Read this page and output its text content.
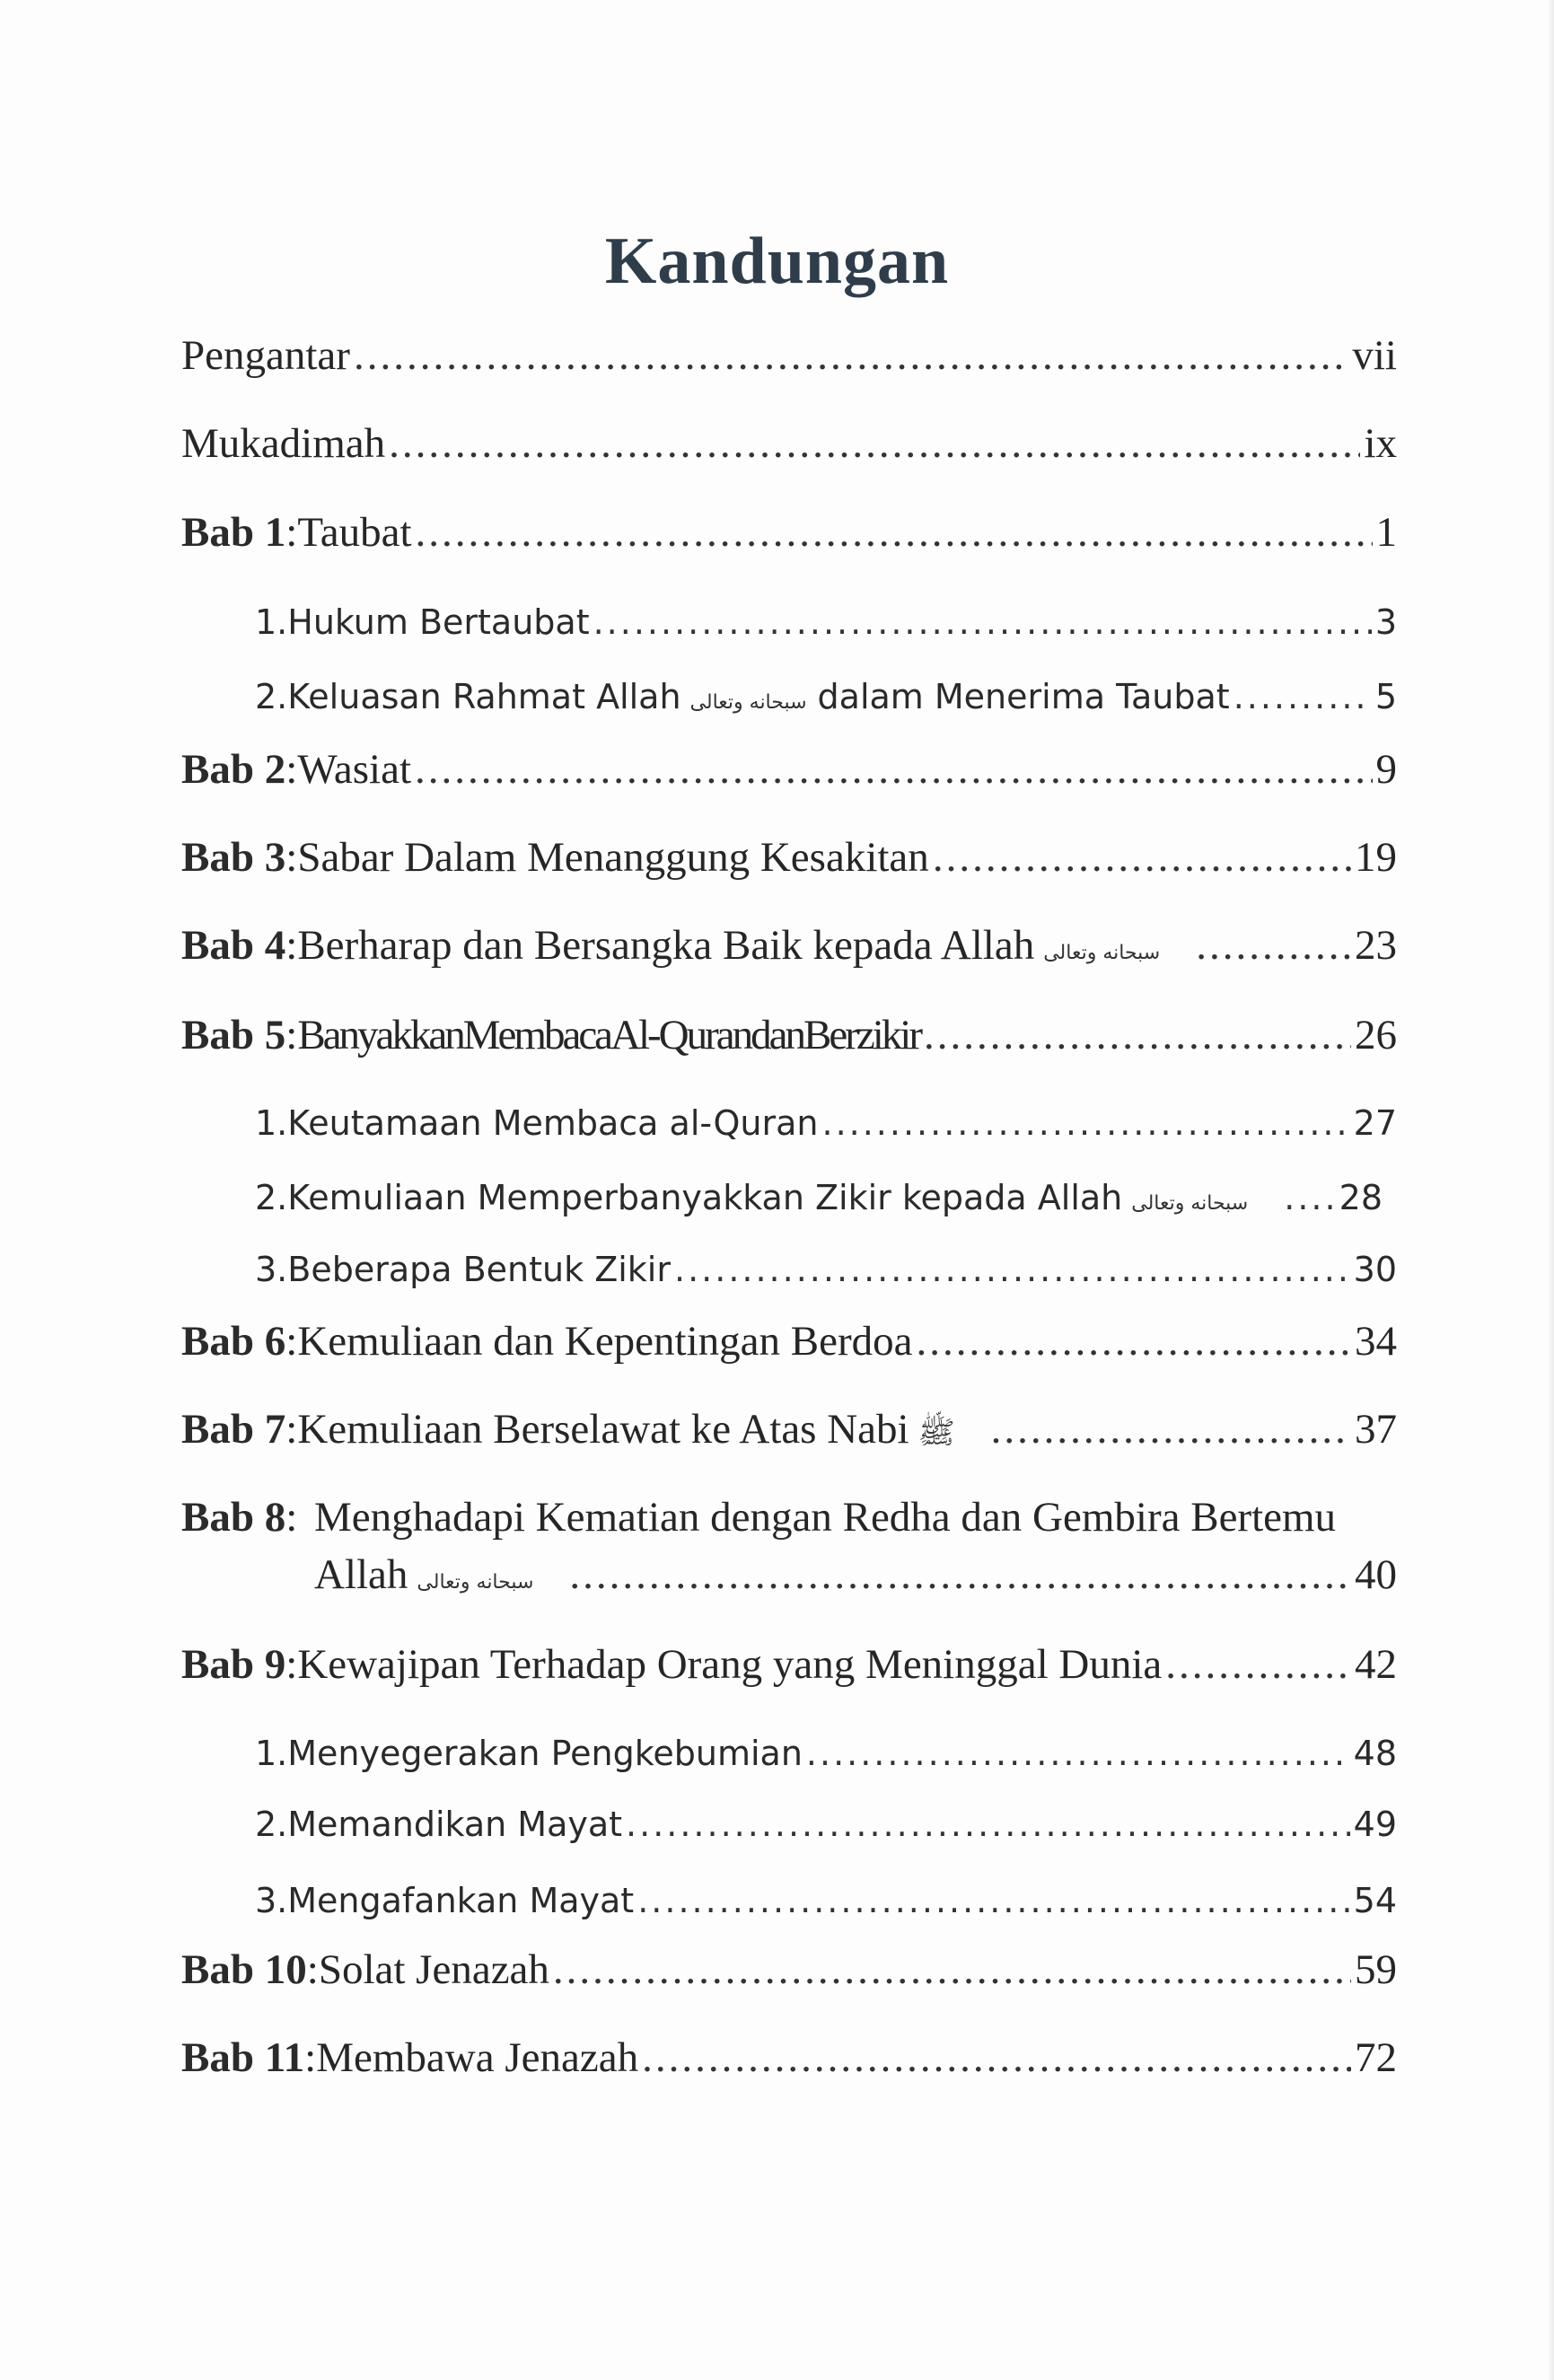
Kandungan
Pengantar .....	vii
Mukadimah .....	ix
Bab 1: Taubat .....	1
1. Hukum Bertaubat .....	3
2. Keluasan Rahmat Allah سبحانه وتعالى dalam Menerima Taubat .....	5
Bab 2: Wasiat .....	9
Bab 3: Sabar Dalam Menanggung Kesakitan .....	19
Bab 4: Berharap dan Bersangka Baik kepada Allah سبحانه وتعالى .....	23
Bab 5: BanyakkanMembacaAl-QurandanBerzikir .....	26
1. Keutamaan Membaca al-Quran .....	27
2. Kemuliaan Memperbanyakkan Zikir kepada Allah سبحانه وتعالى .....	28
3. Beberapa Bentuk Zikir .....	30
Bab 6: Kemuliaan dan Kepentingan Berdoa .....	34
Bab 7: Kemuliaan Berselawat ke Atas Nabi ﷺ .....	37
Bab 8: Menghadapi Kematian dengan Redha dan Gembira Bertemu
Allah سبحانه وتعالى .....	40
Bab 9: Kewajipan Terhadap Orang yang Meninggal Dunia .....	42
1. Menyegerakan Pengkebumian .....	48
2. Memandikan Mayat .....	49
3. Mengafankan Mayat .....	54
Bab 10: Solat Jenazah .....	59
Bab 11: Membawa Jenazah .....	72
